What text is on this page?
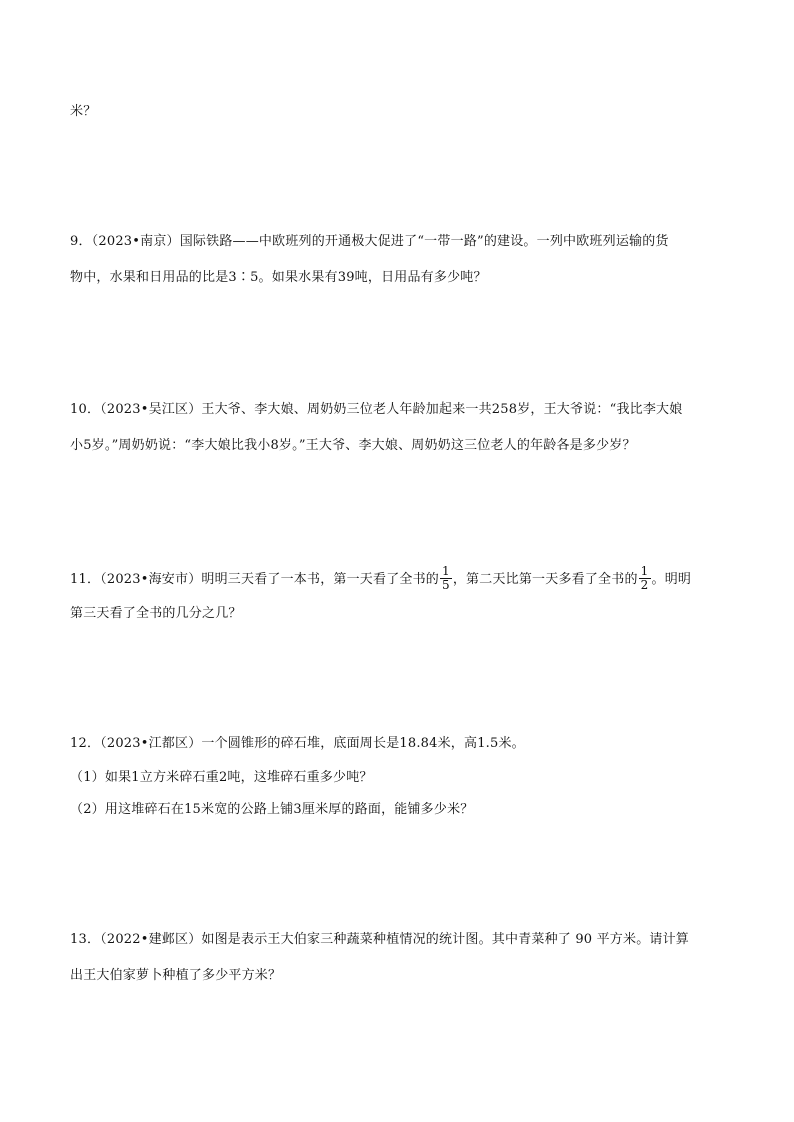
米？
9．（2023•南京）国际铁路——中欧班列的开通极大促进了“一带一路”的建设。一列中欧班列运输的货
物中，水果和日用品的比是3∶5。如果水果有39吨，日用品有多少吨？
10．（2023•吴江区）王大爷、李大娘、周奶奶三位老人年龄加起来一共258岁，王大爷说：“我比李大娘
小5岁。”周奶奶说：“李大娘比我小8岁。”王大爷、李大娘、周奶奶这三位老人的年龄各是多少岁？
11．（2023•海安市）明明三天看了一本书，第一天看了全书的 $\frac{1}{5}$ ，第二天比第一天多看了全书的 $\frac{1}{2}$ 。明明
第三天看了全书的几分之几？
12．（2023•江都区）一个圆锥形的碎石堆，底面周长是18.84米，高1.5米。
（1）如果1立方米碎石重2吨，这堆碎石重多少吨？
（2）用这堆碎石在15米宽的公路上铺3厘米厚的路面，能铺多少米？
13．（2022•建邺区）如图是表示王大伯家三种蔬菜种植情况的统计图。其中青菜种了 90 平方米。请计算
出王大伯家萝卜种植了多少平方米？
